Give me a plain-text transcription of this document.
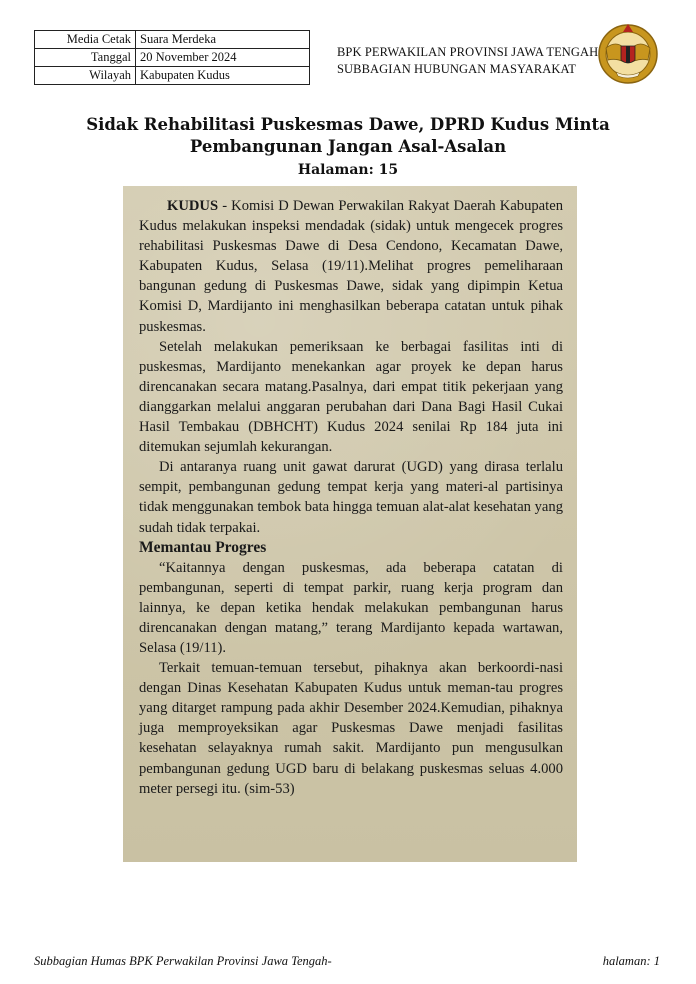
Media Cetak	Suara Merdeka
Tanggal	20 November 2024
Wilayah	Kabupaten Kudus
BPK PERWAKILAN PROVINSI JAWA TENGAH
SUBBAGIAN HUBUNGAN MASYARAKAT
Sidak Rehabilitasi Puskesmas Dawe, DPRD Kudus Minta Pembangunan Jangan Asal-Asalan
Halaman: 15

KUDUS - Komisi D Dewan Perwakilan Rakyat Daerah Kabupaten Kudus melakukan inspeksi mendadak (sidak) untuk mengecek progres rehabilitasi Puskesmas Dawe di Desa Cendono, Kecamatan Dawe, Kabupaten Kudus, Selasa (19/11).Melihat progres pemeliharaan bangunan gedung di Puskesmas Dawe, sidak yang dipimpin Ketua Komisi D, Mardijanto ini menghasilkan beberapa catatan untuk pihak puskesmas.

Setelah melakukan pemeriksaan ke berbagai fasilitas inti di puskesmas, Mardijanto menekankan agar proyek ke depan harus direncanakan secara matang.Pasalnya, dari empat titik pekerjaan yang dianggarkan melalui anggaran perubahan dari Dana Bagi Hasil Cukai Hasil Tembakau (DBHCHT) Kudus 2024 senilai Rp 184 juta ini ditemukan sejumlah kekurangan.

Di antaranya ruang unit gawat darurat (UGD) yang dirasa terlalu sempit, pembangunan gedung tempat kerja yang materi-al partisinya tidak menggunakan tembok bata hingga temuan alat-alat kesehatan yang sudah tidak terpakai.

Memantau Progres

“Kaitannya dengan puskesmas, ada beberapa catatan di pembangunan, seperti di tempat parkir, ruang kerja program dan lainnya, ke depan ketika hendak melakukan pembangunan harus direncanakan dengan matang,” terang Mardijanto kepada wartawan, Selasa (19/11).

Terkait temuan-temuan tersebut, pihaknya akan berkoordi-nasi dengan Dinas Kesehatan Kabupaten Kudus untuk meman-tau progres yang ditarget rampung pada akhir Desember 2024.Kemudian, pihaknya juga memproyeksikan agar Puskesmas Dawe menjadi fasilitas kesehatan selayaknya rumah sakit. Mardijanto pun mengusulkan pembangunan gedung UGD baru di belakang puskesmas seluas 4.000 meter persegi itu. (sim-53)

Subbagian Humas BPK Perwakilan Provinsi Jawa Tengah-	halaman: 1
